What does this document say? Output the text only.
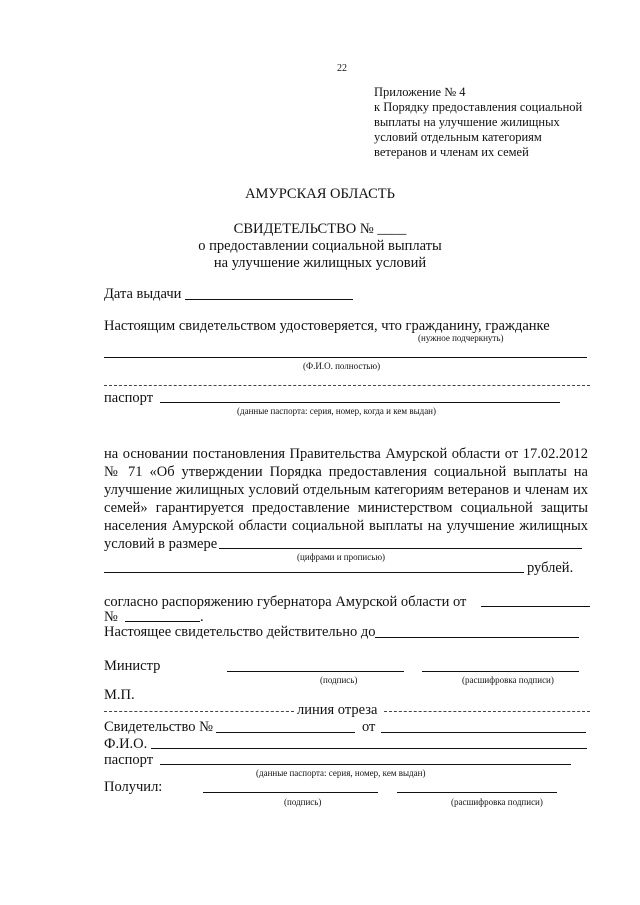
22
Приложение № 4
к Порядку предоставления социальной
выплаты на улучшение жилищных
условий отдельным категориям
ветеранов и членам их семей
АМУРСКАЯ ОБЛАСТЬ
СВИДЕТЕЛЬСТВО № ____
о предоставлении социальной выплаты
на улучшение жилищных условий
Дата выдачи
Настоящим свидетельством удостоверяется, что гражданину, гражданке
(нужное подчеркнуть)
(Ф.И.О. полностью)
паспорт
(данные паспорта: серия, номер, когда и кем выдан)
на основании постановления Правительства Амурской области от 17.02.2012
№ 71 «Об утверждении Порядка предоставления социальной выплаты на
улучшение жилищных условий отдельным категориям ветеранов и членам их
семей» гарантируется предоставление министерством социальной защиты
населения Амурской области социальной выплаты на улучшение жилищных
условий в размере
(цифрами и прописью)
рублей.
согласно распоряжению губернатора Амурской области от
№	.
Настоящее свидетельство действительно до
Министр
(подпись)	(расшифровка подписи)
М.П.
линия отреза
Свидетельство №	от
Ф.И.О.
паспорт
(данные паспорта: серия, номер, кем выдан)
Получил:
(подпись)	(расшифровка подписи)
